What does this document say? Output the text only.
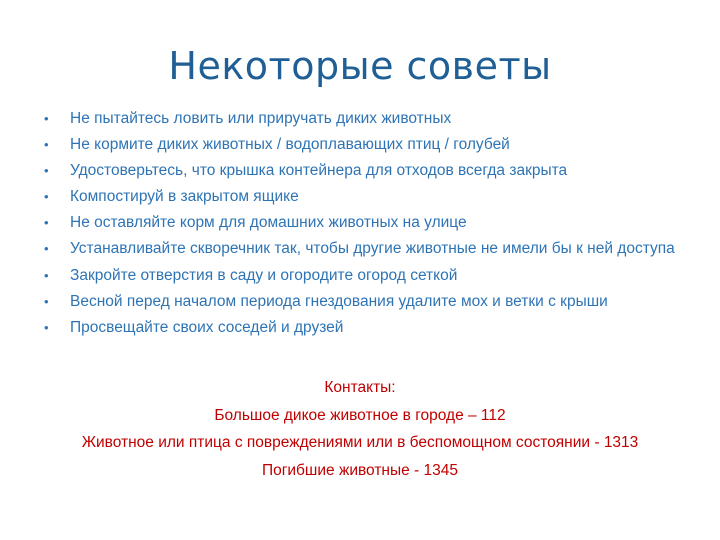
Некоторые советы
• Не пытайтесь ловить или приручать диких животных
• Не кормите диких животных / водоплавающих птиц / голубей
• Удостоверьтесь, что крышка контейнера для отходов всегда закрыта
• Компостируй в закрытом ящике
• Не оставляйте корм для домашних животных на улице
• Устанавливайте скворечник так, чтобы другие животные не имели бы к ней доступа
• Закройте отверстия в саду и огородите огород сеткой
• Весной перед началом периода гнездования удалите мох и ветки с крыши
• Просвещайте своих соседей и друзей
Контакты:
Большое дикое животное в городе – 112
Животное или птица с повреждениями или в беспомощном состоянии - 1313
Погибшие животные - 1345
